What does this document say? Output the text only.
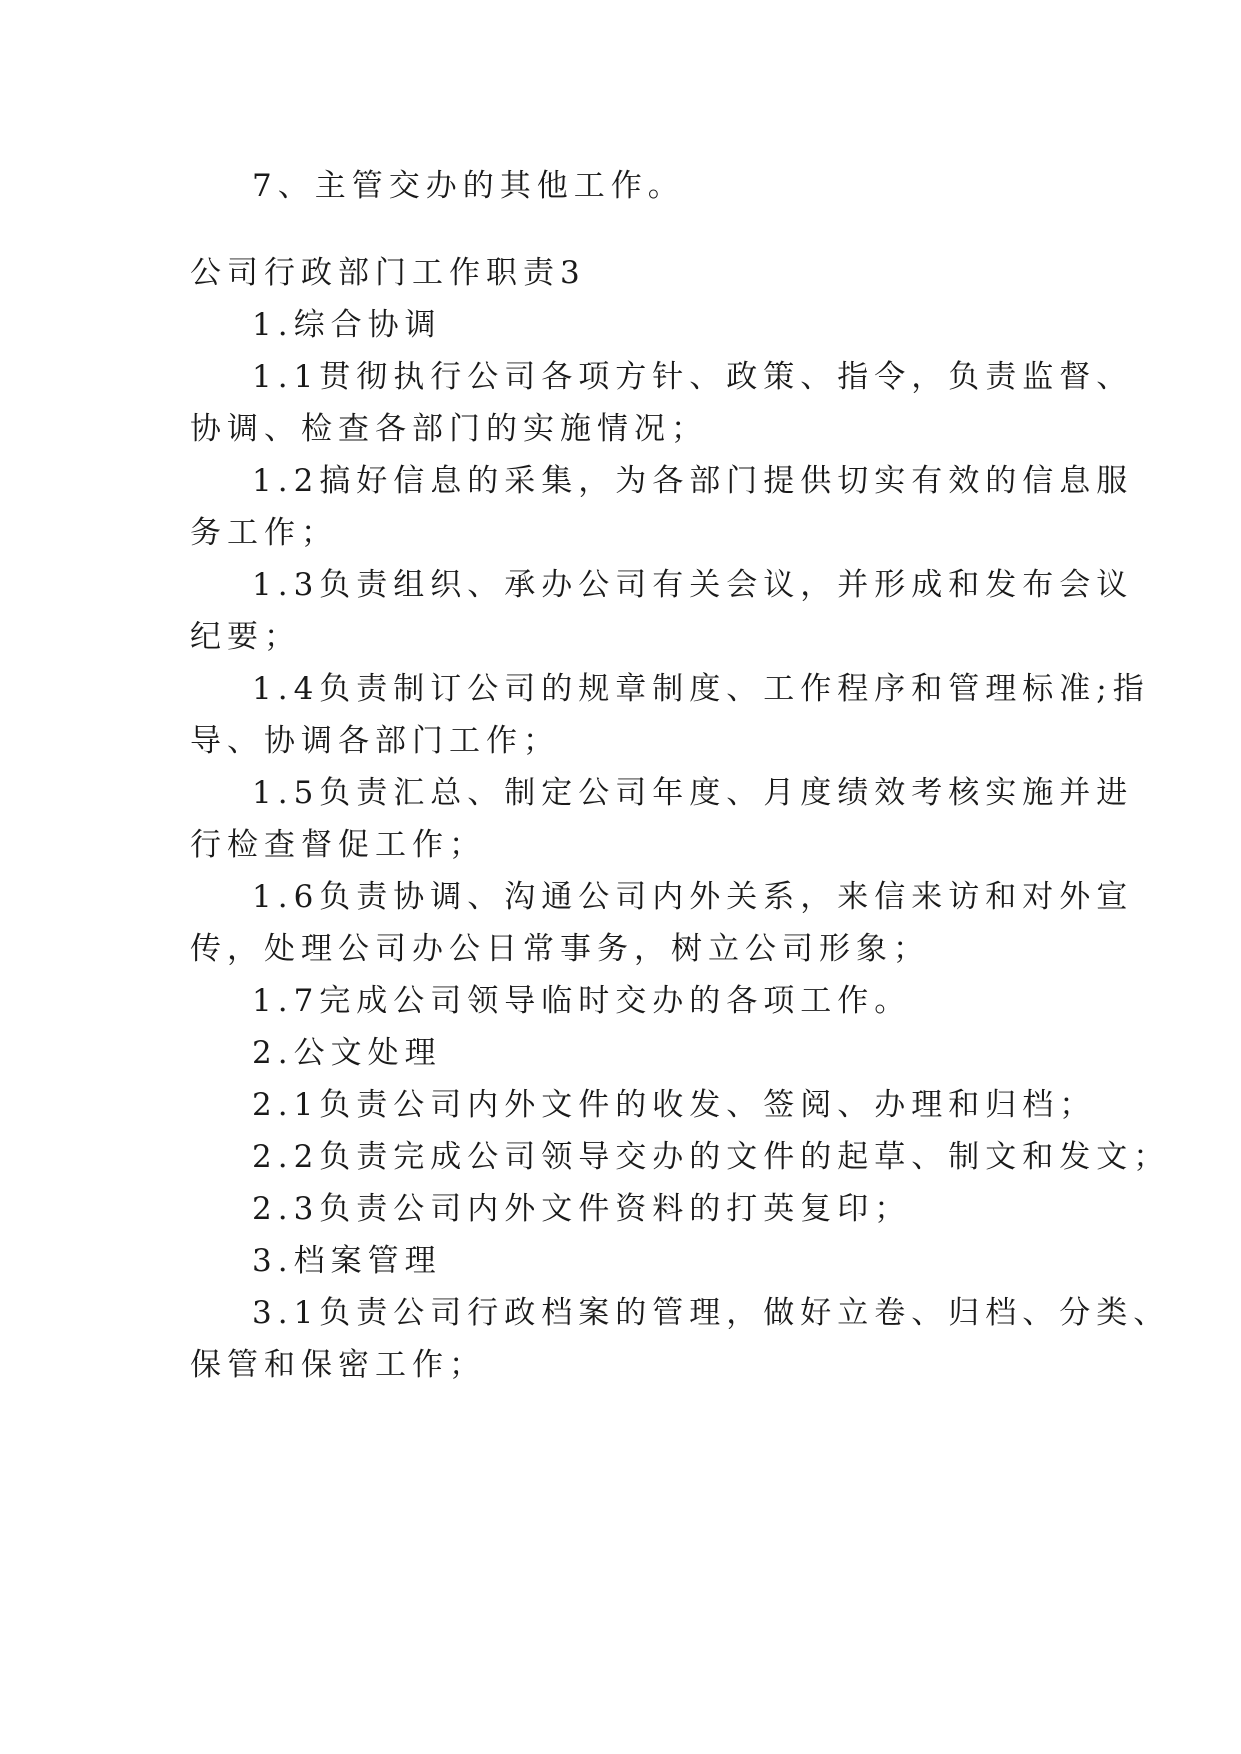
7、主管交办的其他工作。
公司行政部门工作职责3
1.综合协调
1.1贯彻执行公司各项方针、政策、指令，负责监督、
协调、检查各部门的实施情况；
1.2搞好信息的采集，为各部门提供切实有效的信息服
务工作；
1.3负责组织、承办公司有关会议，并形成和发布会议
纪要；
1.4负责制订公司的规章制度、工作程序和管理标准;指
导、协调各部门工作；
1.5负责汇总、制定公司年度、月度绩效考核实施并进
行检查督促工作；
1.6负责协调、沟通公司内外关系，来信来访和对外宣
传，处理公司办公日常事务，树立公司形象；
1.7完成公司领导临时交办的各项工作。
2.公文处理
2.1负责公司内外文件的收发、签阅、办理和归档；
2.2负责完成公司领导交办的文件的起草、制文和发文；
2.3负责公司内外文件资料的打英复印；
3.档案管理
3.1负责公司行政档案的管理，做好立卷、归档、分类、
保管和保密工作；
